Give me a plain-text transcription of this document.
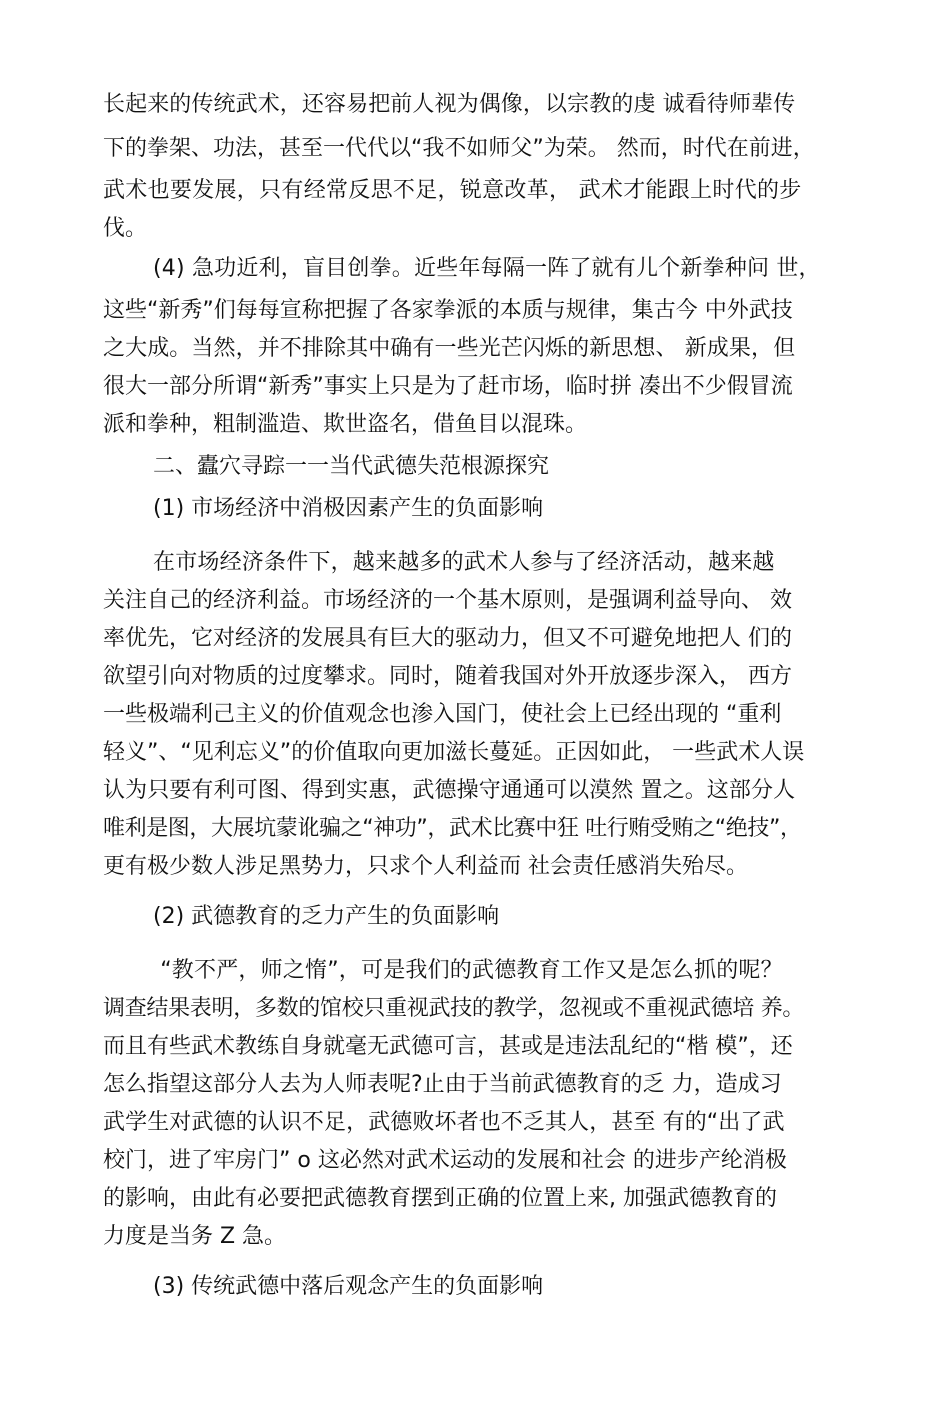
长起来的传统武术，还容易把前人视为偶像，以宗教的虔 诚看待师辈传
下的拳架、功法，甚至一代代以“我不如师父”为荣。 然而，时代在前进，
武术也要发展，只有经常反思不足，锐意改革， 武术才能跟上时代的步
伐。
(4) 急功近利，盲目创拳。近些年每隔一阵了就有儿个新拳种问 世，
这些“新秀”们每每宣称把握了各家拳派的本质与规律，集古今 中外武技
之大成。当然，并不排除其中确有一些光芒闪烁的新思想、 新成果，但
很大一部分所谓“新秀”事实上只是为了赶市场，临时拼 凑出不少假冒流
派和拳种，粗制滥造、欺世盗名，借鱼目以混珠。
二、蠹穴寻踪一一当代武德失范根源探究
(1) 市场经济中消极因素产生的负面影响
在市场经济条件下，越来越多的武术人参与了经济活动，越来越
关注自己的经济利益。市场经济的一个基木原则，是强调利益导向、 效
率优先，它对经济的发展具有巨大的驱动力，但又不可避免地把人 们的
欲望引向对物质的过度攀求。同时，随着我国对外开放逐步深入， 西方
一些极端利己主义的价值观念也渗入国门，使社会上已经出现的 “重利
轻义”、“见利忘义”的价值取向更加滋长蔓延。正因如此， 一些武术人误
认为只要有利可图、得到实惠，武德操守通通可以漠然 置之。这部分人
唯利是图，大展坑蒙讹骗之“神功”，武术比赛中狂 吐行贿受贿之“绝技”，
更有极少数人涉足黑势力，只求个人利益而 社会责任感消失殆尽。
(2) 武德教育的乏力产生的负面影响
“教不严，师之惰”，可是我们的武德教育工作又是怎么抓的呢？
调查结果表明，多数的馆校只重视武技的教学，忽视或不重视武德培 养。
而且有些武术教练自身就毫无武德可言，甚或是违法乱纪的“楷 模”，还
怎么指望这部分人去为人师表呢?止由于当前武德教育的乏 力，造成习
武学生对武德的认识不足，武德败坏者也不乏其人，甚至 有的“出了武
校门，进了牢房门” o 这必然对武术运动的发展和社会 的进步产纶消极
的影响，由此有必要把武德教育摆到正确的位置上来, 加强武德教育的
力度是当务 Z 急。
(3) 传统武德中落后观念产生的负面影响
